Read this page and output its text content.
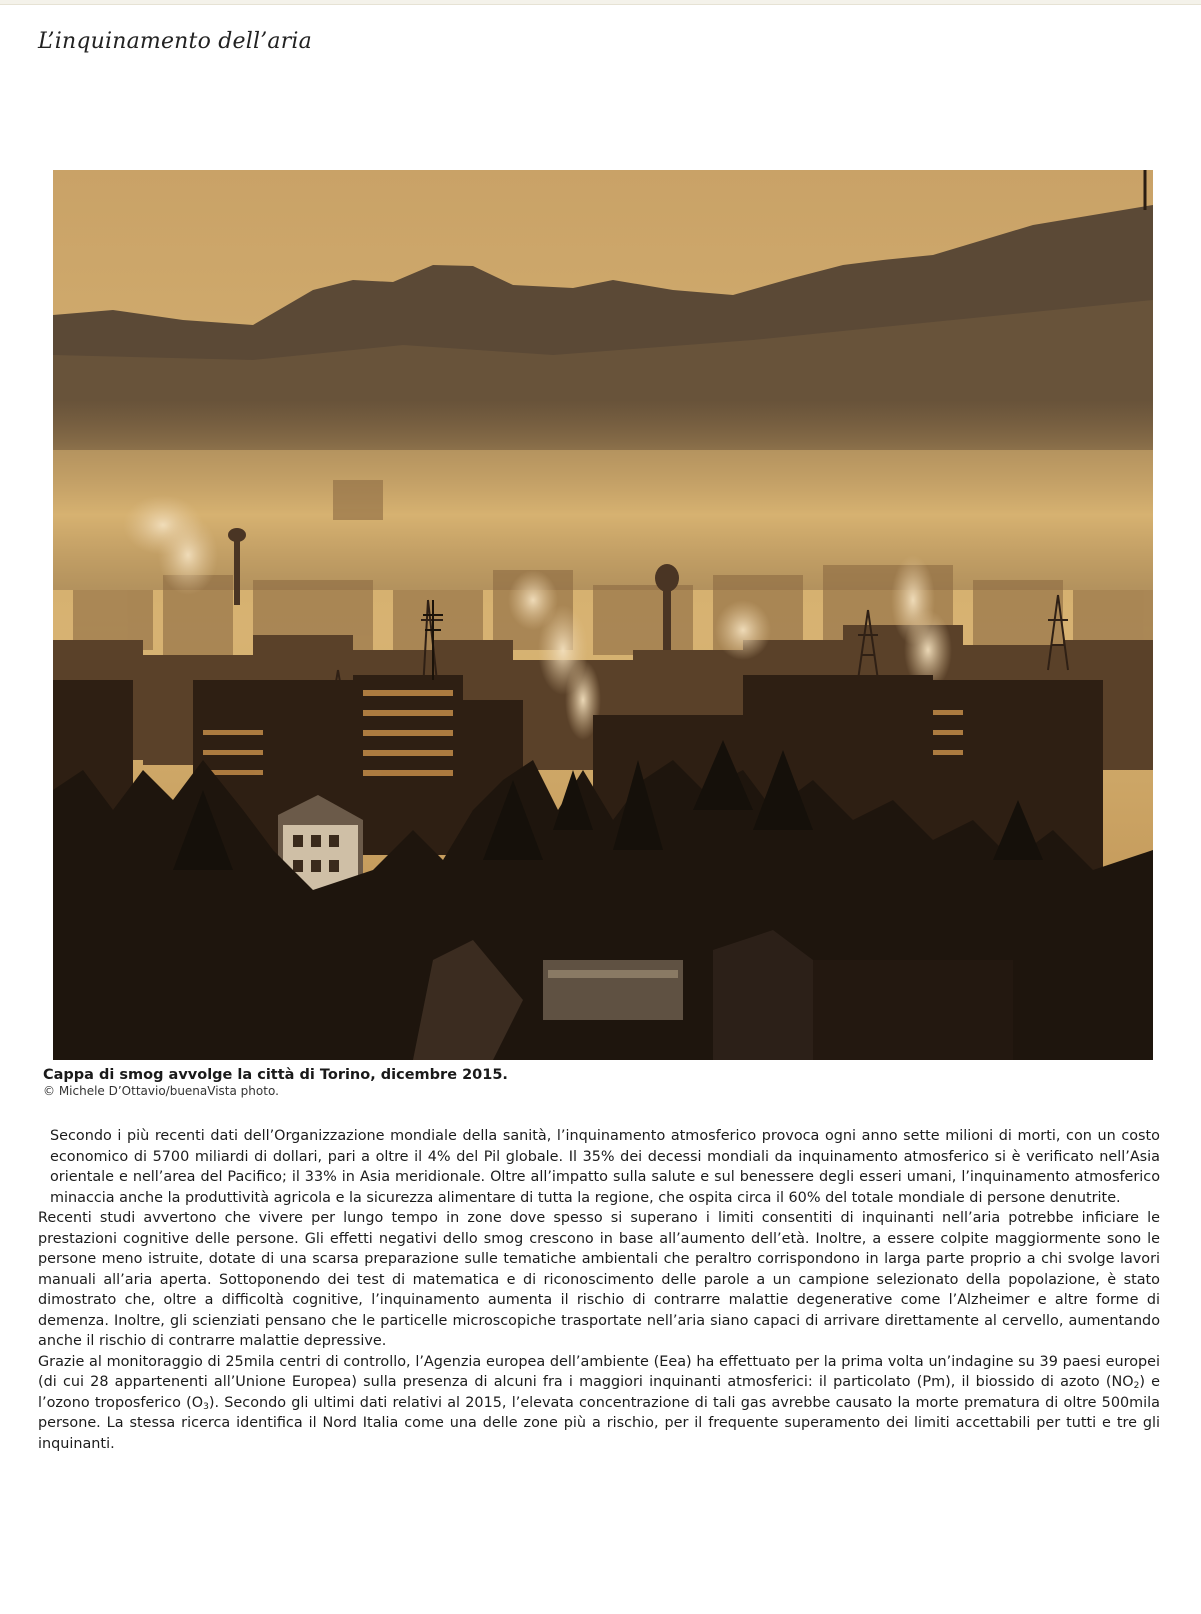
L’inquinamento dell’aria
Cappa di smog avvolge la città di Torino, dicembre 2015.
© Michele D’Ottavio/buenaVista photo.

Secondo i più recenti dati dell’Organizzazione mondiale della sanità, l’inquinamento atmosferico provoca ogni anno sette milioni di morti, con un costo economico di 5700 miliardi di dollari, pari a oltre il 4% del Pil globale. Il 35% dei decessi mondiali da inquinamento atmosferico si è verificato nell’Asia orientale e nell’area del Pacifico; il 33% in Asia meridionale. Oltre all’impatto sulla salute e sul benessere degli esseri umani, l’inquinamento atmosferico minaccia anche la produttività agricola e la sicurezza alimentare di tutta la regione, che ospita circa il 60% del totale mondiale di persone denutrite.

Recenti studi avvertono che vivere per lungo tempo in zone dove spesso si superano i limiti consentiti di inquinanti nell’aria potrebbe inficiare le prestazioni cognitive delle persone. Gli effetti negativi dello smog crescono in base all’aumento dell’età. Inoltre, a essere colpite maggiormente sono le persone meno istruite, dotate di una scarsa preparazione sulle tematiche ambientali che peraltro corrispondono in larga parte proprio a chi svolge lavori manuali all’aria aperta. Sottoponendo dei test di matematica e di riconoscimento delle parole a un campione selezionato della popolazione, è stato dimostrato che, oltre a difficoltà cognitive, l’inquinamento aumenta il rischio di contrarre malattie degenerative come l’Alzheimer e altre forme di demenza. Inoltre, gli scienziati pensano che le particelle microscopiche trasportate nell’aria siano capaci di arrivare direttamente al cervello, aumentando anche il rischio di contrarre malattie depressive.

Grazie al monitoraggio di 25mila centri di controllo, l’Agenzia europea dell’ambiente (Eea) ha effettuato per la prima volta un’indagine su 39 paesi europei (di cui 28 appartenenti all’Unione Europea) sulla presenza di alcuni fra i maggiori inquinanti atmosferici: il particolato (Pm), il biossido di azoto $(NO_2)$ e l’ozono troposferico $(O_3)$. Secondo gli ultimi dati relativi al 2015, l’elevata concentrazione di tali gas avrebbe causato la morte prematura di oltre 500mila persone. La stessa ricerca identifica il Nord Italia come una delle zone più a rischio, per il frequente superamento dei limiti accettabili per tutti e tre gli inquinanti.
